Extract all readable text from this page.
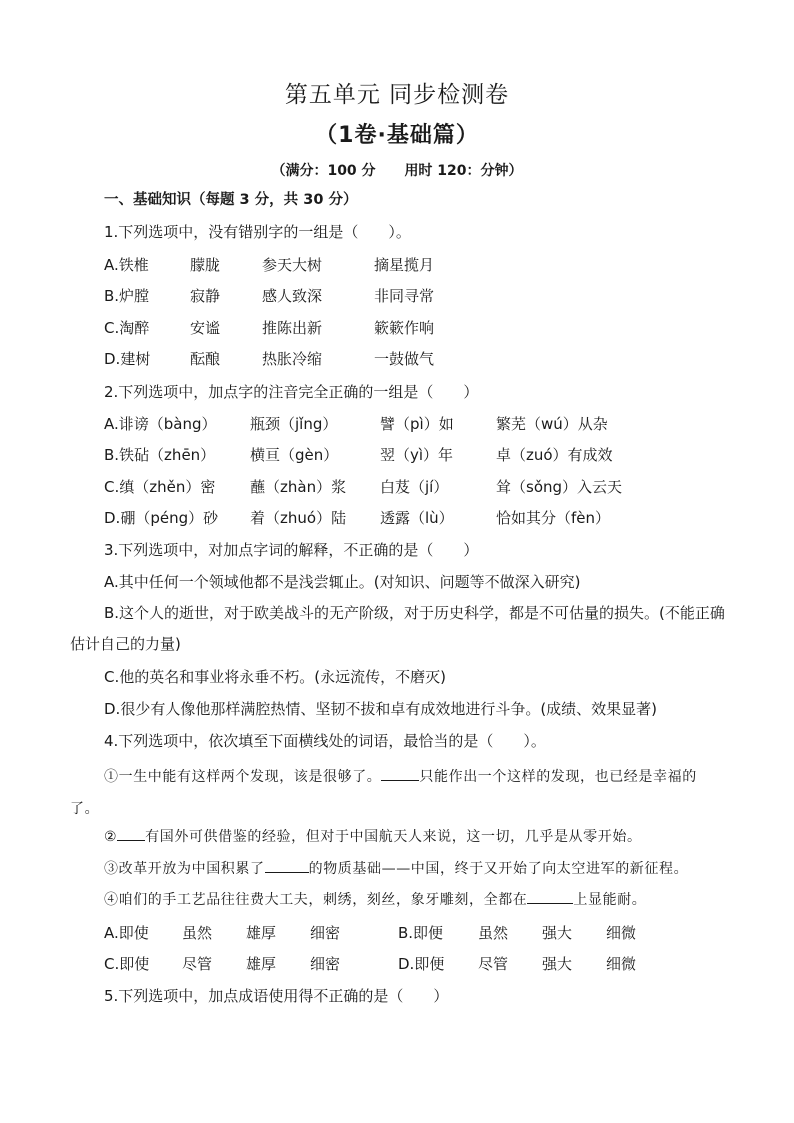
第五单元 同步检测卷
（1卷·基础篇）
（满分：100 分 用时 120：分钟）
一、基础知识（每题 3 分，共 30 分）
1.下列选项中，没有错别字的一组是（　　）。
A.铁椎	朦胧	参天大树	摘星揽月
B.炉膛	寂静	感人致深	非同寻常
C.淘醉	安谧	推陈出新	簌簌作响
D.建树	酝酿	热胀冷缩	一鼓做气
2.下列选项中，加点字的注音完全正确的一组是（　　）
A.诽谤（bàng） 瓶颈（jǐng）	譬（pì）如	繁芜（wú）从杂
B.铁砧（zhēn） 横亘（gèn）	翌（yì）年	卓（zuó）有成效
C.缜（zhěn）密 蘸（zhàn）浆 白芨（jí）	耸（sǒng）入云天
D.硼（péng）砂 着（zhuó）陆 透露（lù）	恰如其分（fèn）
3.下列选项中，对加点字词的解释，不正确的是（　　）
A.其中任何一个领域他都不是浅尝辄止。(对知识、问题等不做深入研究)
B.这个人的逝世，对于欧美战斗的无产阶级，对于历史科学，都是不可估量的损失。(不能正确估计自己的力量)
C.他的英名和事业将永垂不朽。(永远流传，不磨灭)
D.很少有人像他那样满腔热情、坚韧不拔和卓有成效地进行斗争。(成绩、效果显著)
4.下列选项中，依次填至下面横线处的词语，最恰当的是（　　）。
①一生中能有这样两个发现，该是很够了。	只能作出一个这样的发现，也已经是幸福的了。
② 有国外可供借鉴的经验，但对于中国航天人来说，这一切，几乎是从零开始。
③改革开放为中国积累了	的物质基础——中国，终于又开始了向太空进军的新征程。
④咱们的手工艺品往往费大工夫，刺绣，刻丝，象牙雕刻，全都在	上显能耐。
A.即使 虽然 雄厚 细密	B.即便 虽然 强大 细微
C.即使 尽管 雄厚 细密	D.即便 尽管 强大 细微
5.下列选项中，加点成语使用得不正确的是（　　）
